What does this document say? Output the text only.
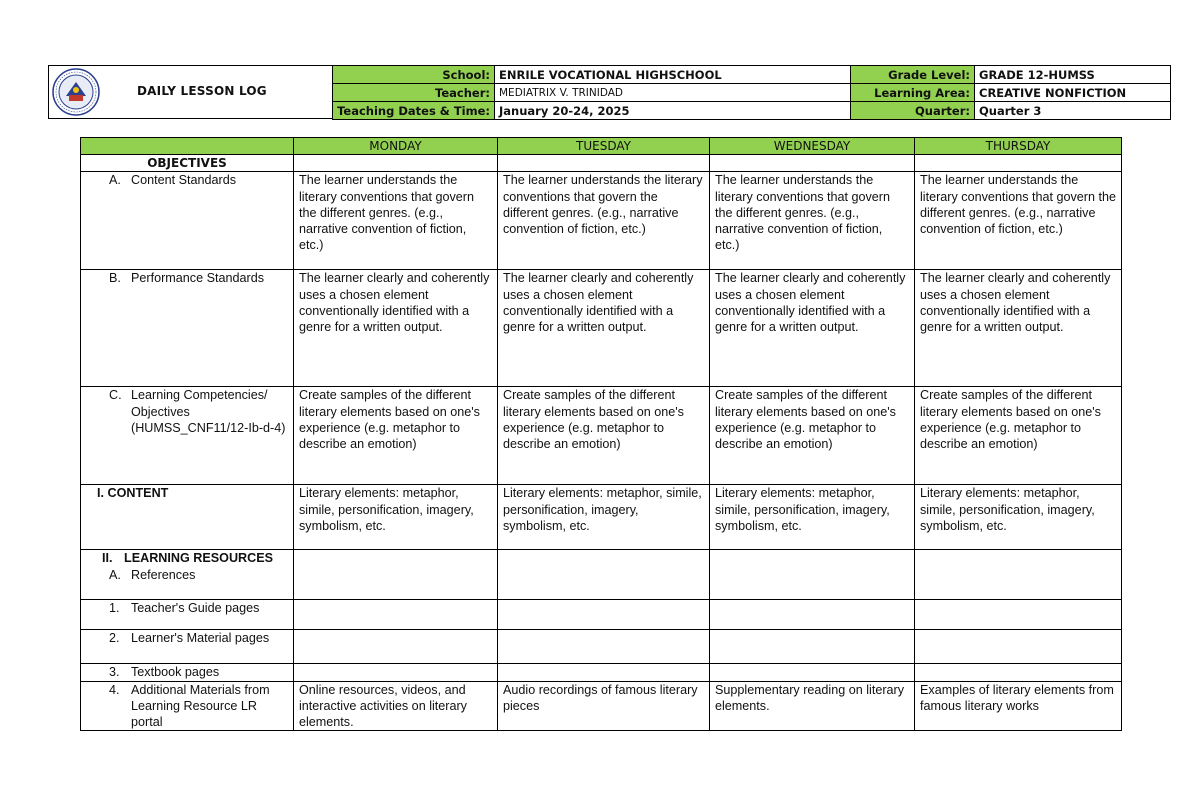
DAILY LESSON LOG
School:	ENRILE VOCATIONAL HIGHSCHOOL	Grade Level:	GRADE 12-HUMSS
Teacher:	MEDIATRIX V. TRINIDAD	Learning Area:	CREATIVE NONFICTION
Teaching Dates & Time:	January 20-24, 2025	Quarter:	Quarter 3
	MONDAY	TUESDAY	WEDNESDAY	THURSDAY
OBJECTIVES				

A. Content Standards	The learner understands the literary conventions that govern the different genres. (e.g., narrative convention of fiction, etc.)	The learner understands the literary conventions that govern the different genres. (e.g., narrative convention of fiction, etc.)	The learner understands the literary conventions that govern the different genres. (e.g., narrative convention of fiction, etc.)	The learner understands the literary conventions that govern the different genres. (e.g., narrative convention of fiction, etc.)

B. Performance Standards	The learner clearly and coherently uses a chosen element conventionally identified with a genre for a written output.	The learner clearly and coherently uses a chosen element conventionally identified with a genre for a written output.	The learner clearly and coherently uses a chosen element conventionally identified with a genre for a written output.	The learner clearly and coherently uses a chosen element conventionally identified with a genre for a written output.

C. Learning Competencies/ Objectives (HUMSS_CNF11/12-Ib-d-4)	Create samples of the different literary elements based on one's experience (e.g. metaphor to describe an emotion)	Create samples of the different literary elements based on one's experience (e.g. metaphor to describe an emotion)	Create samples of the different literary elements based on one's experience (e.g. metaphor to describe an emotion)	Create samples of the different literary elements based on one's experience (e.g. metaphor to describe an emotion)
I. CONTENT	Literary elements: metaphor, simile, personification, imagery, symbolism, etc.	Literary elements: metaphor, simile, personification, imagery, symbolism, etc.	Literary elements: metaphor, simile, personification, imagery, symbolism, etc.	Literary elements: metaphor, simile, personification, imagery, symbolism, etc.

II. LEARNING RESOURCES
A. References				

1. Teacher's Guide pages				

2. Learner's Material pages				

3. Textbook pages				

4. Additional Materials from Learning Resource LR portal	Online resources, videos, and interactive activities on literary elements.	Audio recordings of famous literary pieces	Supplementary reading on literary elements.	Examples of literary elements from famous literary works
